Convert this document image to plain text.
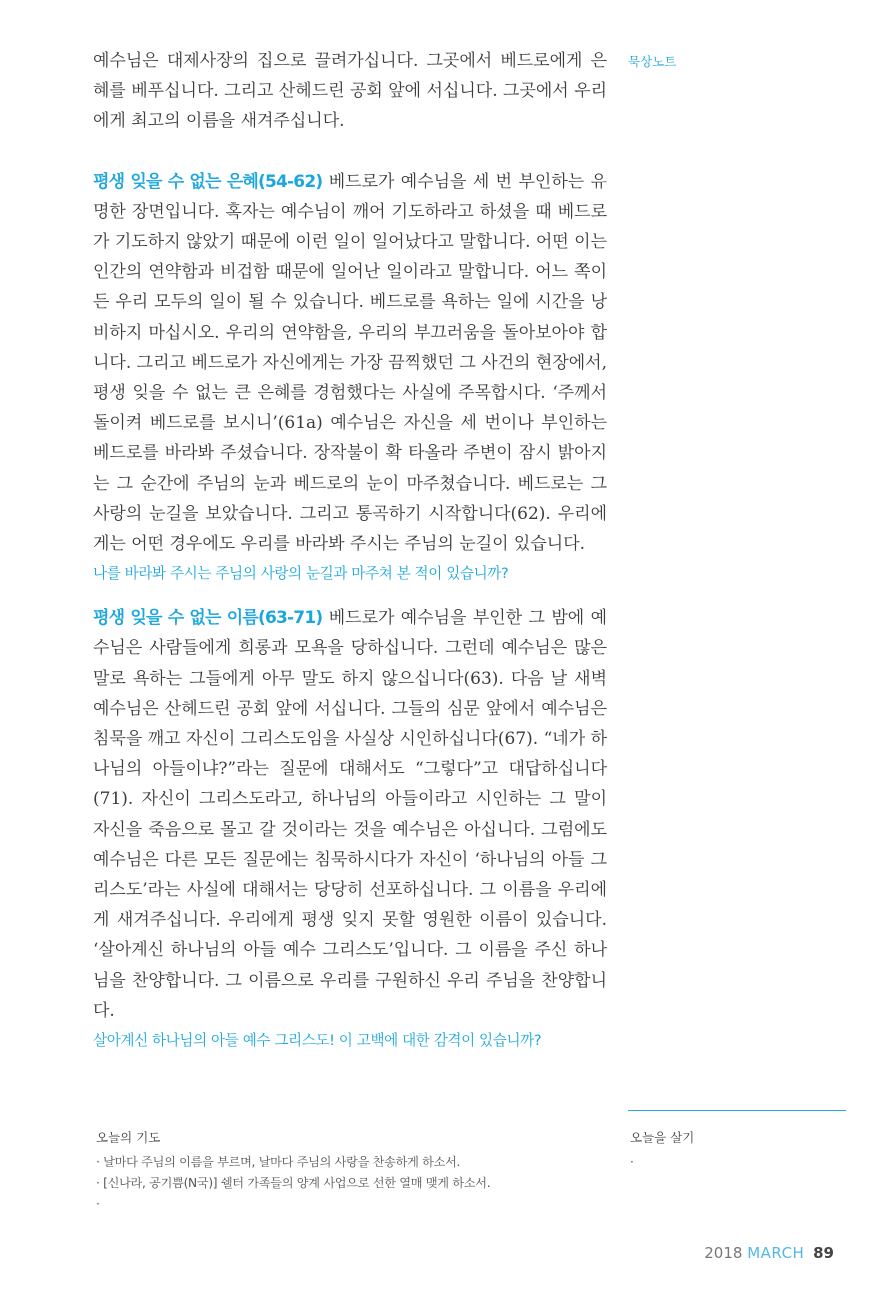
예수님은 대제사장의 집으로 끌려가십니다. 그곳에서 베드로에게 은혜를 베푸십니다. 그리고 산헤드린 공회 앞에 서십니다. 그곳에서 우리에게 최고의 이름을 새겨주십니다.

평생 잊을 수 없는 은혜(54-62) 베드로가 예수님을 세 번 부인하는 유명한 장면입니다. 혹자는 예수님이 깨어 기도하라고 하셨을 때 베드로가 기도하지 않았기 때문에 이런 일이 일어났다고 말합니다. 어떤 이는 인간의 연약함과 비겁함 때문에 일어난 일이라고 말합니다. 어느 쪽이든 우리 모두의 일이 될 수 있습니다. 베드로를 욕하는 일에 시간을 낭비하지 마십시오. 우리의 연약함을, 우리의 부끄러움을 돌아보아야 합니다. 그리고 베드로가 자신에게는 가장 끔찍했던 그 사건의 현장에서, 평생 잊을 수 없는 큰 은혜를 경험했다는 사실에 주목합시다. ‘주께서 돌이켜 베드로를 보시니’(61a) 예수님은 자신을 세 번이나 부인하는 베드로를 바라봐 주셨습니다. 장작불이 확 타올라 주변이 잠시 밝아지는 그 순간에 주님의 눈과 베드로의 눈이 마주쳤습니다. 베드로는 그 사랑의 눈길을 보았습니다. 그리고 통곡하기 시작합니다(62). 우리에게는 어떤 경우에도 우리를 바라봐 주시는 주님의 눈길이 있습니다.

나를 바라봐 주시는 주님의 사랑의 눈길과 마주쳐 본 적이 있습니까?

평생 잊을 수 없는 이름(63-71) 베드로가 예수님을 부인한 그 밤에 예수님은 사람들에게 희롱과 모욕을 당하십니다. 그런데 예수님은 많은 말로 욕하는 그들에게 아무 말도 하지 않으십니다(63). 다음 날 새벽 예수님은 산헤드린 공회 앞에 서십니다. 그들의 심문 앞에서 예수님은 침묵을 깨고 자신이 그리스도임을 사실상 시인하십니다(67). “네가 하나님의 아들이냐?”라는 질문에 대해서도 “그렇다”고 대답하십니다(71). 자신이 그리스도라고, 하나님의 아들이라고 시인하는 그 말이 자신을 죽음으로 몰고 갈 것이라는 것을 예수님은 아십니다. 그럼에도 예수님은 다른 모든 질문에는 침묵하시다가 자신이 ‘하나님의 아들 그리스도’라는 사실에 대해서는 당당히 선포하십니다. 그 이름을 우리에게 새겨주십니다. 우리에게 평생 잊지 못할 영원한 이름이 있습니다. ‘살아계신 하나님의 아들 예수 그리스도’입니다. 그 이름을 주신 하나님을 찬양합니다. 그 이름으로 우리를 구원하신 우리 주님을 찬양합니다.

살아계신 하나님의 아들 예수 그리스도! 이 고백에 대한 감격이 있습니까?
묵상노트
오늘의 기도
· 날마다 주님의 이름을 부르며, 날마다 주님의 사랑을 찬송하게 하소서.
· [신나라, 공기쁨(N국)] 쉘터 가족들의 양계 사업으로 선한 열매 맺게 하소서.
·
오늘을 살기
·
2018 MARCH 89
